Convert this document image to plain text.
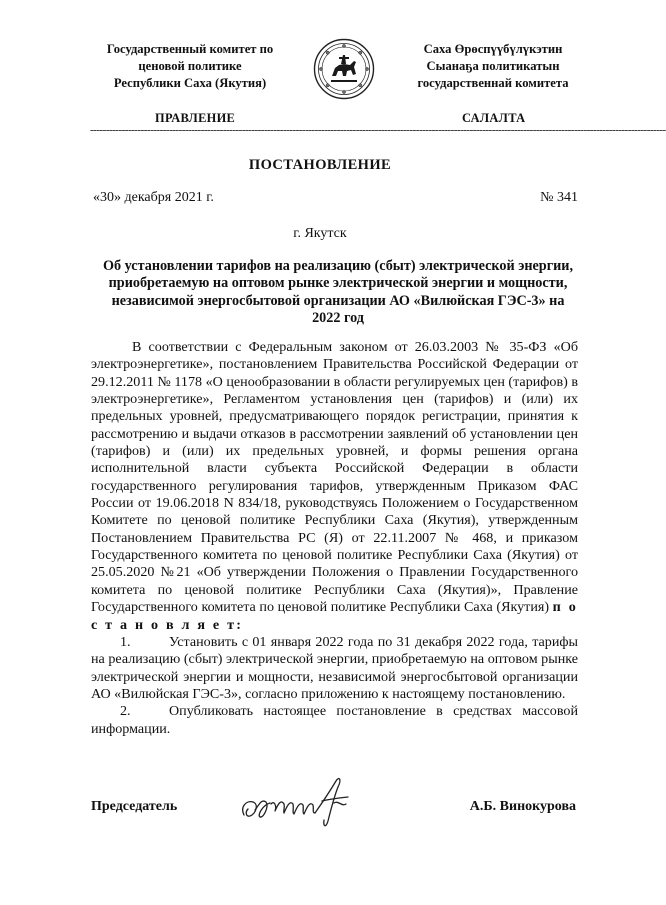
Государственный комитет по
ценовой политике
Республики Саха (Якутия)
Саха Өрөспүүбүлүкэтин
Сыанаҕа политикатын
государственнай комитета
ПРАВЛЕНИЕ	САЛАЛТА
--------------------------------------------------------------------------------------------------------------------------------------------------------------------------------------
ПОСТАНОВЛЕНИЕ
«30» декабря 2021 г.	№ 341
г. Якутск
Об установлении тарифов на реализацию (сбыт) электрической энергии, приобретаемую на оптовом рынке электрической энергии и мощности, независимой энергосбытовой организации АО «Вилюйская ГЭС-3» на 2022 год

В соответствии с Федеральным законом от 26.03.2003 № 35-ФЗ «Об электроэнергетике», постановлением Правительства Российской Федерации от 29.12.2011 № 1178 «О ценообразовании в области регулируемых цен (тарифов) в электроэнергетике», Регламентом установления цен (тарифов) и (или) их предельных уровней, предусматривающего порядок регистрации, принятия к рассмотрению и выдачи отказов в рассмотрении заявлений об установлении цен (тарифов) и (или) их предельных уровней, и формы решения органа исполнительной власти субъекта Российской Федерации в области государственного регулирования тарифов, утвержденным Приказом ФАС России от 19.06.2018 N 834/18, руководствуясь Положением о Государственном Комитете по ценовой политике Республики Саха (Якутия), утвержденным Постановлением Правительства РС (Я) от 22.11.2007 № 468, и приказом Государственного комитета по ценовой политике Республики Саха (Якутия) от 25.05.2020 №21 «Об утверждении Положения о Правлении Государственного комитета по ценовой политике Республики Саха (Якутия)», Правление Государственного комитета по ценовой политике Республики Саха (Якутия) п о с т а н о в л я е т:

1.	Установить с 01 января 2022 года по 31 декабря 2022 года, тарифы на реализацию (сбыт) электрической энергии, приобретаемую на оптовом рынке электрической энергии и мощности, независимой энергосбытовой организации АО «Вилюйская ГЭС-3», согласно приложению к настоящему постановлению.

2.	Опубликовать настоящее постановление в средствах массовой информации.

Председатель	А.Б. Винокурова
